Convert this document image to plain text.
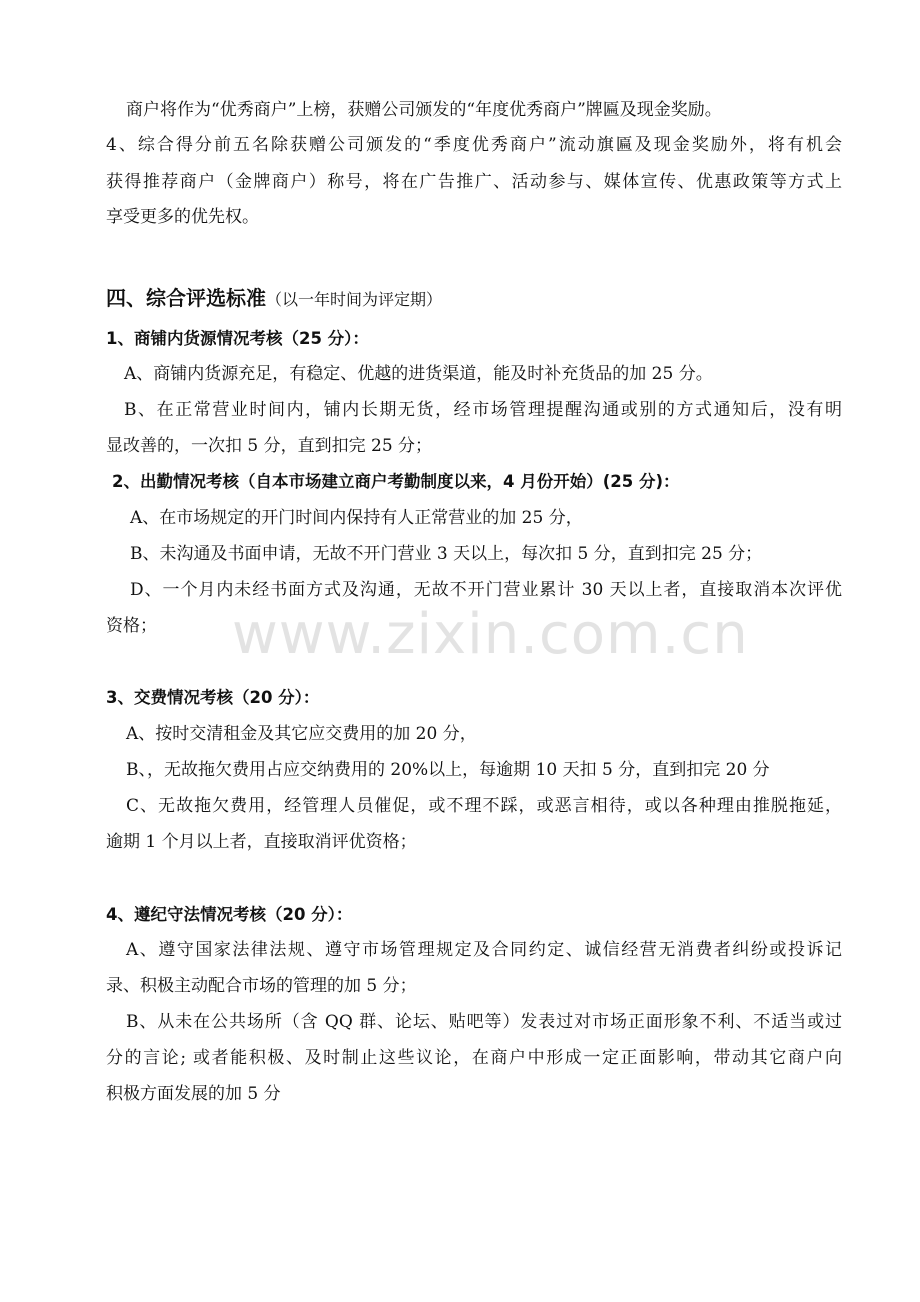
www.zixin.com.cn
商户将作为“优秀商户”上榜，获赠公司颁发的“年度优秀商户”牌匾及现金奖励。
4、综合得分前五名除获赠公司颁发的“季度优秀商户”流动旗匾及现金奖励外，将有机会
获得推荐商户（金牌商户）称号，将在广告推广、活动参与、媒体宣传、优惠政策等方式上
享受更多的优先权。
四、综合评选标准（以一年时间为评定期）
1、商铺内货源情况考核（25 分）：
A、商铺内货源充足，有稳定、优越的进货渠道，能及时补充货品的加 25 分。
B、在正常营业时间内，铺内长期无货，经市场管理提醒沟通或别的方式通知后，没有明
显改善的，一次扣 5 分，直到扣完 25 分；
2、出勤情况考核（自本市场建立商户考勤制度以来，4 月份开始）(25 分)：
A、在市场规定的开门时间内保持有人正常营业的加 25 分，
B、未沟通及书面申请，无故不开门营业 3 天以上，每次扣 5 分，直到扣完 25 分；
D、一个月内未经书面方式及沟通，无故不开门营业累计 30 天以上者，直接取消本次评优
资格；
3、交费情况考核（20 分）：
A、按时交清租金及其它应交费用的加 20 分，
B、，无故拖欠费用占应交纳费用的 20%以上，每逾期 10 天扣 5 分，直到扣完 20 分
C、无故拖欠费用，经管理人员催促，或不理不踩，或恶言相待，或以各种理由推脱拖延，
逾期 1 个月以上者，直接取消评优资格；
4、遵纪守法情况考核（20 分）：
A、遵守国家法律法规、遵守市场管理规定及合同约定、诚信经营无消费者纠纷或投诉记
录、积极主动配合市场的管理的加 5 分；
B、从未在公共场所（含 QQ 群、论坛、贴吧等）发表过对市场正面形象不利、不适当或过
分的言论; 或者能积极、及时制止这些议论，在商户中形成一定正面影响，带动其它商户向
积极方面发展的加 5 分
